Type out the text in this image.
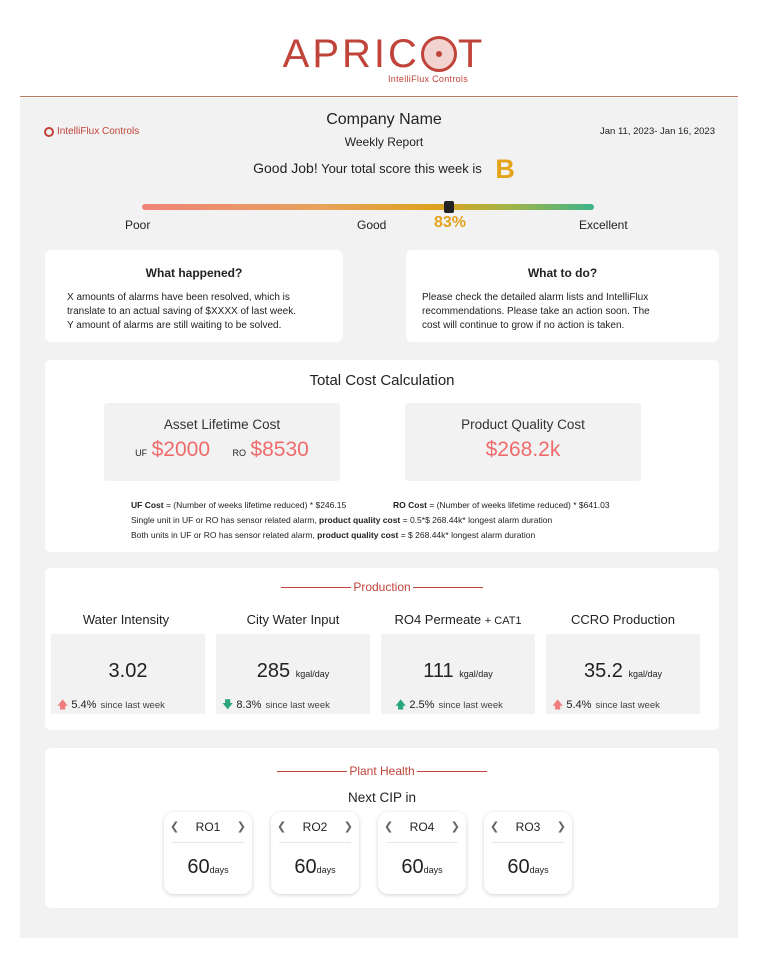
APRIC T
IntelliFlux Controls
IntelliFlux Controls	Jan 11, 2023- Jan 16, 2023
Company Name
Weekly Report
Good Job! Your total score this week is B
Poor	Good	Excellent
83%
What happened?
X amounts of alarms have been resolved, which is
translate to an actual saving of $XXXX of last week.
Y amount of alarms are still waiting to be solved.
What to do?
Please check the detailed alarm lists and IntelliFlux
recommendations. Please take an action soon. The
cost will continue to grow if no action is taken.
Total Cost Calculation
Asset Lifetime Cost
UF $2000 RO $8530
Product Quality Cost
$268.2k
UF Cost = (Number of weeks lifetime reduced) * $246.15	RO Cost = (Number of weeks lifetime reduced) * $641.03
Single unit in UF or RO has sensor related alarm, product quality cost = 0.5*$ 268.44k* longest alarm duration
Both units in UF or RO has sensor related alarm, product quality cost = $ 268.44k* longest alarm duration
Production
Water Intensity
3.02
🡅 5.4% since last week
City Water Input
285 kgal/day
🡇 8.3% since last week
RO4 Permeate + CAT1
111 kgal/day
🡅 2.5% since last week
CCRO Production
35.2 kgal/day
🡅 5.4% since last week
Plant Health
Next CIP in
❮ RO1 ❯
60days
❮ RO2 ❯
60days
❮ RO4 ❯
60days
❮ RO3 ❯
60days
